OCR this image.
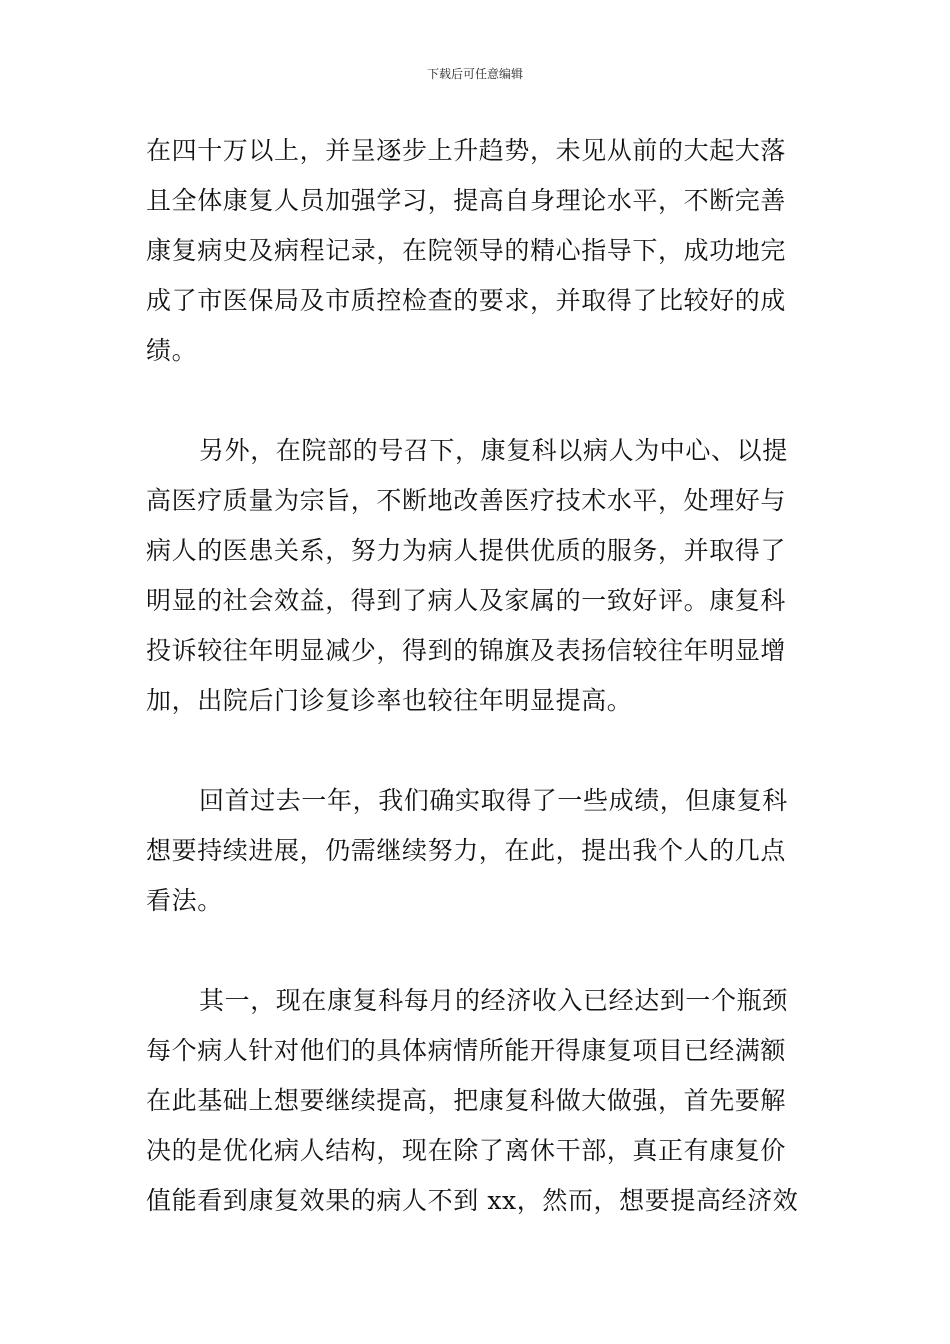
下载后可任意编辑
在四十万以上，并呈逐步上升趋势，未见从前的大起大落
且全体康复人员加强学习，提高自身理论水平，不断完善
康复病史及病程记录，在院领导的精心指导下，成功地完
成了市医保局及市质控检查的要求，并取得了比较好的成
绩。
另外，在院部的号召下，康复科以病人为中心、以提
高医疗质量为宗旨，不断地改善医疗技术水平，处理好与
病人的医患关系，努力为病人提供优质的服务，并取得了
明显的社会效益，得到了病人及家属的一致好评。康复科
投诉较往年明显减少，得到的锦旗及表扬信较往年明显增
加，出院后门诊复诊率也较往年明显提高。
回首过去一年，我们确实取得了一些成绩，但康复科
想要持续进展，仍需继续努力，在此，提出我个人的几点
看法。
其一，现在康复科每月的经济收入已经达到一个瓶颈
每个病人针对他们的具体病情所能开得康复项目已经满额
在此基础上想要继续提高，把康复科做大做强，首先要解
决的是优化病人结构，现在除了离休干部，真正有康复价
值能看到康复效果的病人不到 xx，然而，想要提高经济效
